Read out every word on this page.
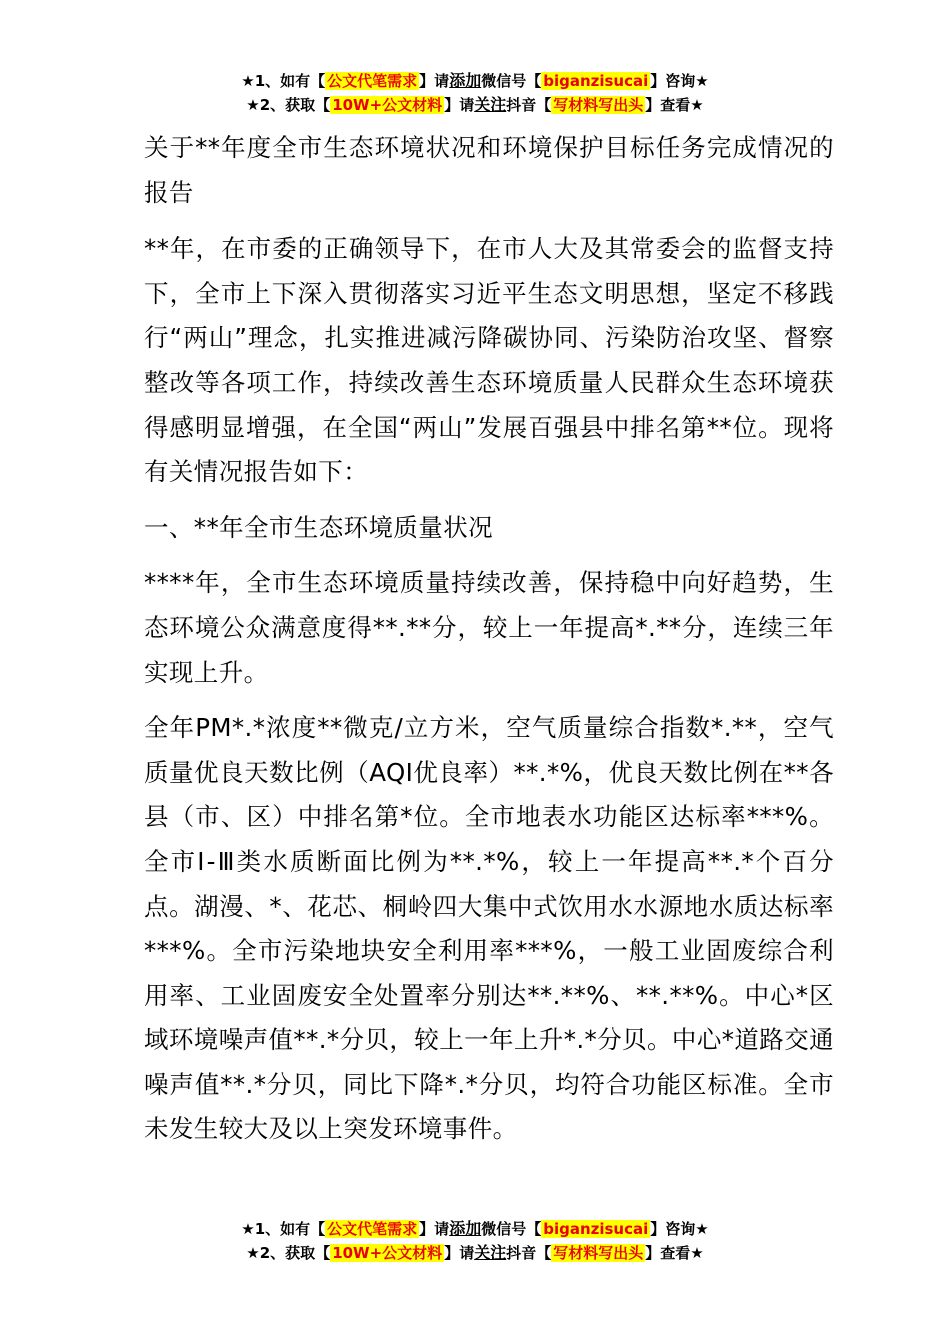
★1、如有【 公文代笔需求 】请添加微信号【 biganzisucai 】咨询★
★2、获取【 10W+公文材料 】请关注抖音【 写材料写出头 】查看★

关于**年度全市生态环境状况和环境保护目标任务完成情况的报告

**年，在市委的正确领导下，在市人大及其常委会的监督支持下，全市上下深入贯彻落实习近平生态文明思想，坚定不移践行“两山”理念，扎实推进减污降碳协同、污染防治攻坚、督察整改等各项工作，持续改善生态环境质量人民群众生态环境获得感明显增强，在全国“两山”发展百强县中排名第**位。现将有关情况报告如下：

一、**年全市生态环境质量状况

****年，全市生态环境质量持续改善，保持稳中向好趋势，生态环境公众满意度得**.**分，较上一年提高*.**分，连续三年实现上升。

全年PM*.*浓度**微克/立方米，空气质量综合指数*.**，空气质量优良天数比例（AQI优良率）**.*%，优良天数比例在**各县（市、区）中排名第*位。全市地表水功能区达标率***%。全市Ⅰ-Ⅲ类水质断面比例为**.*%，较上一年提高**.*个百分点。湖漫、*、花芯、桐岭四大集中式饮用水水源地水质达标率***%。全市污染地块安全利用率***%，一般工业固废综合利用率、工业固废安全处置率分别达**.**%、**.**%。中心*区域环境噪声值**.*分贝，较上一年上升*.*分贝。中心*道路交通噪声值**.*分贝，同比下降*.*分贝，均符合功能区标准。全市未发生较大及以上突发环境事件。

★1、如有【 公文代笔需求 】请添加微信号【 biganzisucai 】咨询★
★2、获取【 10W+公文材料 】请关注抖音【 写材料写出头 】查看★
